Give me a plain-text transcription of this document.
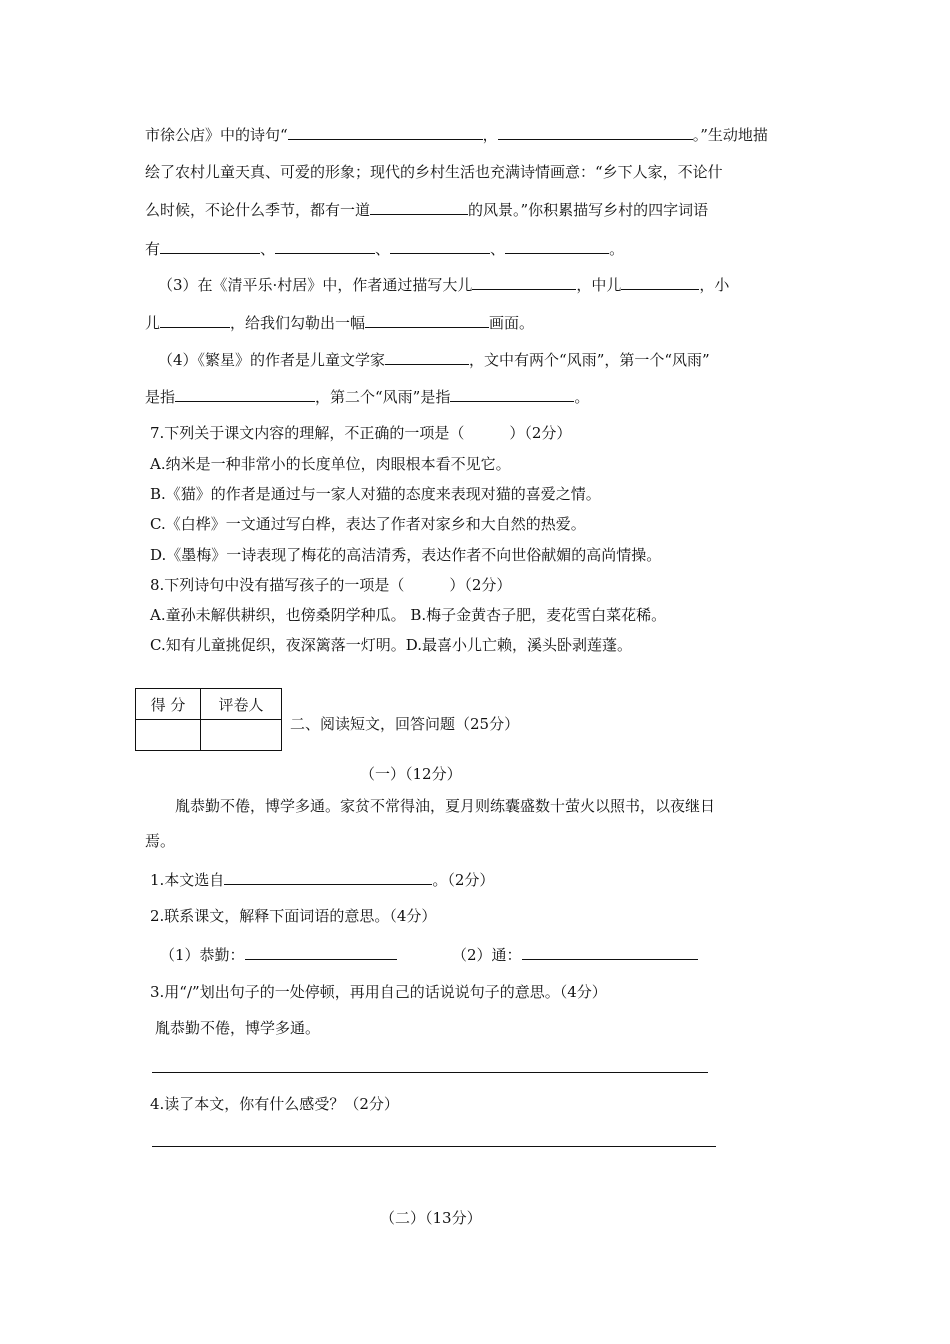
市徐公店》中的诗句“	，	。”生动地描
绘了农村儿童天真、可爱的形象；现代的乡村生活也充满诗情画意：“乡下人家，不论什
么时候，不论什么季节，都有一道	的风景。”你积累描写乡村的四字词语
有	、	、	、	。
（3）在《清平乐·村居》中，作者通过描写大儿	，中儿	，小
儿	，给我们勾勒出一幅	画面。
（4）《繁星》的作者是儿童文学家	，文中有两个“风雨”，第一个“风雨”
是指	，第二个“风雨”是指	。
7.下列关于课文内容的理解，不正确的一项是（　　　）（2分）
A.纳米是一种非常小的长度单位，肉眼根本看不见它。
B.《猫》的作者是通过与一家人对猫的态度来表现对猫的喜爱之情。
C.《白桦》一文通过写白桦，表达了作者对家乡和大自然的热爱。
D.《墨梅》一诗表现了梅花的高洁清秀，表达作者不向世俗献媚的高尚情操。
8.下列诗句中没有描写孩子的一项是（　　　）（2分）
A.童孙未解供耕织，也傍桑阴学种瓜。 B.梅子金黄杏子肥，麦花雪白菜花稀。
C.知有儿童挑促织，夜深篱落一灯明。D.最喜小儿亡赖，溪头卧剥莲蓬。
得 分	评卷人

二、阅读短文，回答问题（25分）
（一）（12分）
胤恭勤不倦，博学多通。家贫不常得油，夏月则练囊盛数十萤火以照书，以夜继日
焉。
1.本文选自	。（2分）
2.联系课文，解释下面词语的意思。（4分）
（1）恭勤：	（2）通：
3.用“/”划出句子的一处停顿，再用自己的话说说句子的意思。（4分）
胤恭勤不倦，博学多通。
4.读了本文，你有什么感受？（2分）
（二）（13分）
